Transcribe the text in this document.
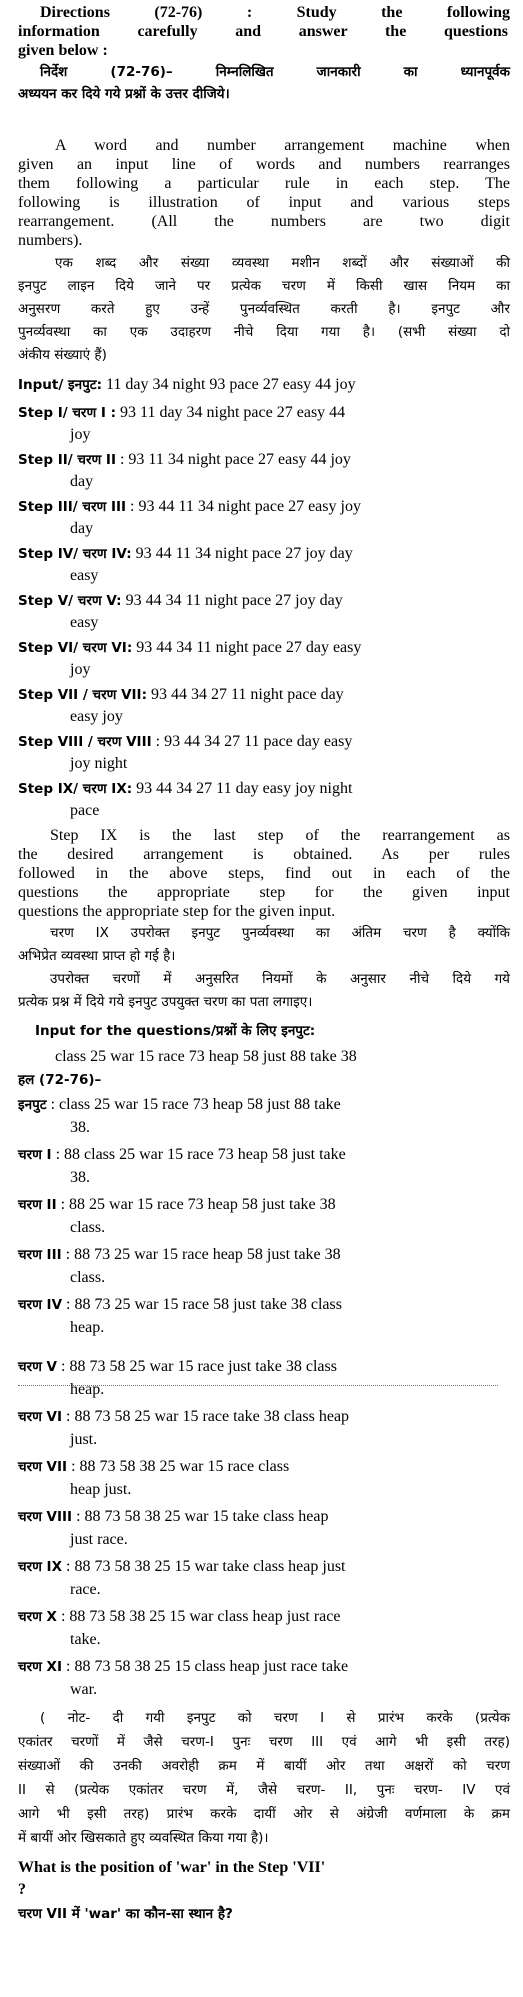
Directions (72-76) : Study the following
information carefully and answer the questions
given below :
निर्देश (72-76)– निम्नलिखित जानकारी का ध्यानपूर्वक
अध्ययन कर दिये गये प्रश्नों के उत्तर दीजिये।
A word and number arrangement machine when
given an input line of words and numbers rearranges
them following a particular rule in each step. The
following is illustration of input and various steps
rearrangement. (All the numbers are two digit
numbers).
एक शब्द और संख्या व्यवस्था मशीन शब्दों और संख्याओं की
इनपुट लाइन दिये जाने पर प्रत्येक चरण में किसी खास नियम का
अनुसरण करते हुए उन्हें पुनर्व्यवस्थित करती है। इनपुट और
पुनर्व्यवस्था का एक उदाहरण नीचे दिया गया है। (सभी संख्या दो
अंकीय संख्याएं हैं)
Input/ इनपुट: 11 day 34 night 93 pace 27 easy 44 joy
Step I/ चरण I : 93 11 day 34 night pace 27 easy 44
joy
Step II/ चरण II : 93 11 34 night pace 27 easy 44 joy
day
Step III/ चरण III : 93 44 11 34 night pace 27 easy joy
day
Step IV/ चरण IV: 93 44 11 34 night pace 27 joy day
easy
Step V/ चरण V: 93 44 34 11 night pace 27 joy day
easy
Step VI/ चरण VI: 93 44 34 11 night pace 27 day easy
joy
Step VII / चरण VII: 93 44 34 27 11 night pace day
easy joy
Step VIII / चरण VIII : 93 44 34 27 11 pace day easy
joy night
Step IX/ चरण IX: 93 44 34 27 11 day easy joy night
pace
Step IX is the last step of the rearrangement as
the desired arrangement is obtained. As per rules
followed in the above steps, find out in each of the
questions the appropriate step for the given input
questions the appropriate step for the given input.
चरण IX उपरोक्त इनपुट पुनर्व्यवस्था का अंतिम चरण है क्योंकि
अभिप्रेत व्यवस्था प्राप्त हो गई है।
उपरोक्त चरणों में अनुसरित नियमों के अनुसार नीचे दिये गये
प्रत्येक प्रश्न में दिये गये इनपुट उपयुक्त चरण का पता लगाइए।
Input for the questions/प्रश्नों के लिए इनपुट:
class 25 war 15 race 73 heap 58 just 88 take 38
हल (72-76)–
इनपुट : class 25 war 15 race 73 heap 58 just 88 take
38.
चरण I : 88 class 25 war 15 race 73 heap 58 just take
38.
चरण II : 88 25 war 15 race 73 heap 58 just take 38
class.
चरण III : 88 73 25 war 15 race heap 58 just take 38
class.
चरण IV : 88 73 25 war 15 race 58 just take 38 class
heap.
चरण V : 88 73 58 25 war 15 race just take 38 class
heap.
चरण VI : 88 73 58 25 war 15 race take 38 class heap
just.
चरण VII : 88 73 58 38 25 war 15 race class
heap just.
चरण VIII : 88 73 58 38 25 war 15 take class heap
just race.
चरण IX : 88 73 58 38 25 15 war take class heap just
race.
चरण X : 88 73 58 38 25 15 war class heap just race
take.
चरण XI : 88 73 58 38 25 15 class heap just race take
war.
( नोट- दी गयी इनपुट को चरण I से प्रारंभ करके (प्रत्येक
एकांतर चरणों में जैसे चरण-I पुनः चरण III एवं आगे भी इसी तरह)
संख्याओं की उनकी अवरोही क्रम में बायीं ओर तथा अक्षरों को चरण
II से (प्रत्येक एकांतर चरण में, जैसे चरण- II, पुनः चरण- IV एवं
आगे भी इसी तरह) प्रारंभ करके दायीं ओर से अंग्रेजी वर्णमाला के क्रम
में बायीं ओर खिसकाते हुए व्यवस्थित किया गया है)।
What is the position of 'war' in the Step 'VII'
?
चरण VII में 'war' का कौन-सा स्थान है?
